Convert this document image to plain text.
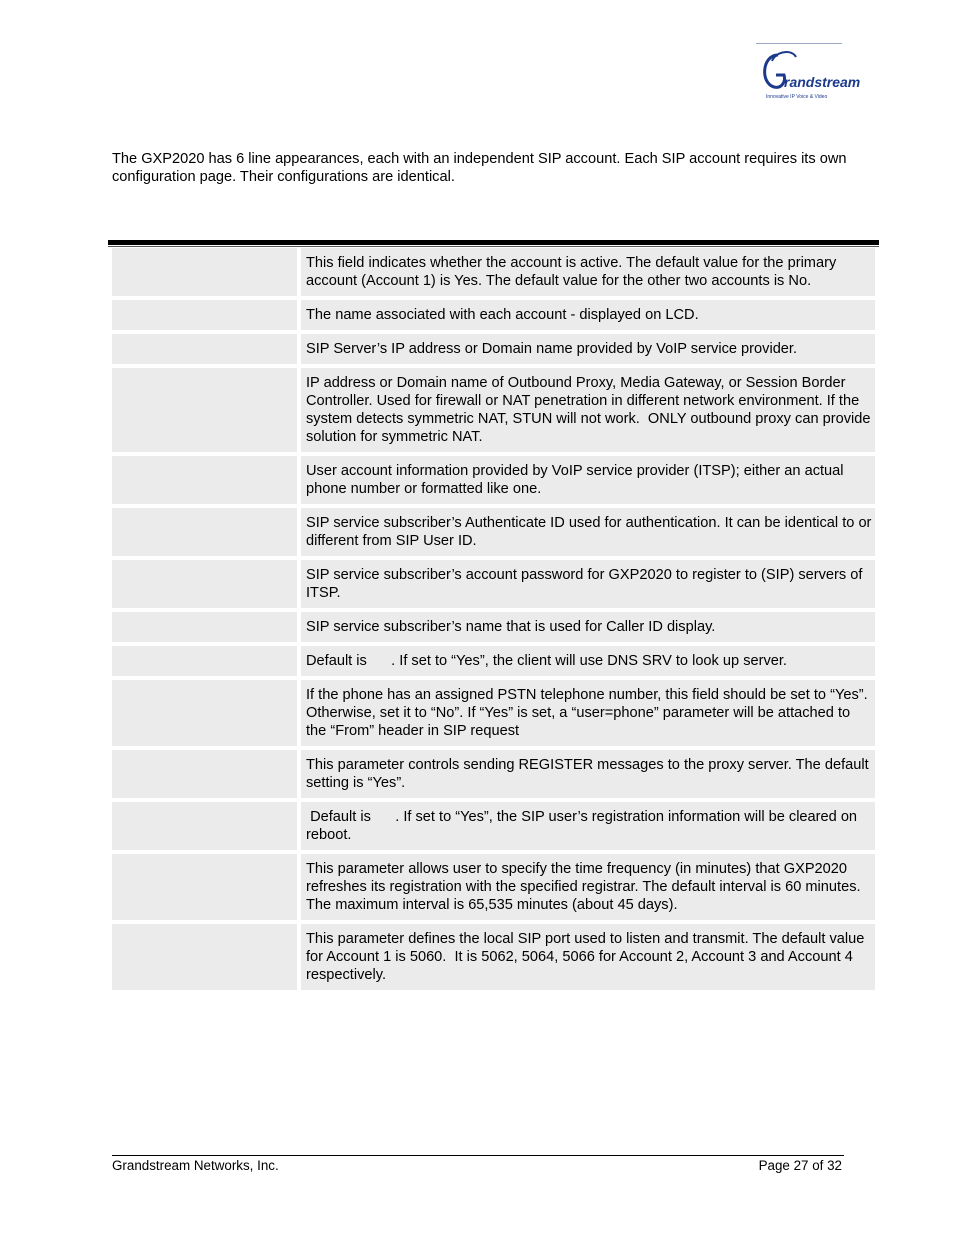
randstream
Innovative IP Voice & Video

The GXP2020 has 6 line appearances, each with an independent SIP account. Each SIP account requires its own configuration page. Their configurations are identical.

This field indicates whether the account is active. The default value for the primary account (Account 1) is Yes. The default value for the other two accounts is No.
The name associated with each account - displayed on LCD.
SIP Server’s IP address or Domain name provided by VoIP service provider.
IP address or Domain name of Outbound Proxy, Media Gateway, or Session Border Controller. Used for firewall or NAT penetration in different network environment. If the system detects symmetric NAT, STUN will not work.  ONLY outbound proxy can provide solution for symmetric NAT.
User account information provided by VoIP service provider (ITSP); either an actual phone number or formatted like one.
SIP service subscriber’s Authenticate ID used for authentication. It can be identical to or different from SIP User ID.
SIP service subscriber’s account password for GXP2020 to register to (SIP) servers of ITSP.
SIP service subscriber’s name that is used for Caller ID display.
Default is      . If set to “Yes”, the client will use DNS SRV to look up server.
If the phone has an assigned PSTN telephone number, this field should be set to “Yes”.  Otherwise, set it to “No”. If “Yes” is set, a “user=phone” parameter will be attached to the “From” header in SIP request
This parameter controls sending REGISTER messages to the proxy server. The default setting is “Yes”.
Default is      . If set to “Yes”, the SIP user’s registration information will be cleared on reboot.
This parameter allows user to specify the time frequency (in minutes) that GXP2020 refreshes its registration with the specified registrar. The default interval is 60 minutes. The maximum interval is 65,535 minutes (about 45 days).
This parameter defines the local SIP port used to listen and transmit. The default value for Account 1 is 5060.  It is 5062, 5064, 5066 for Account 2, Account 3 and Account 4 respectively.
Grandstream Networks, Inc.	Page 27 of 32
